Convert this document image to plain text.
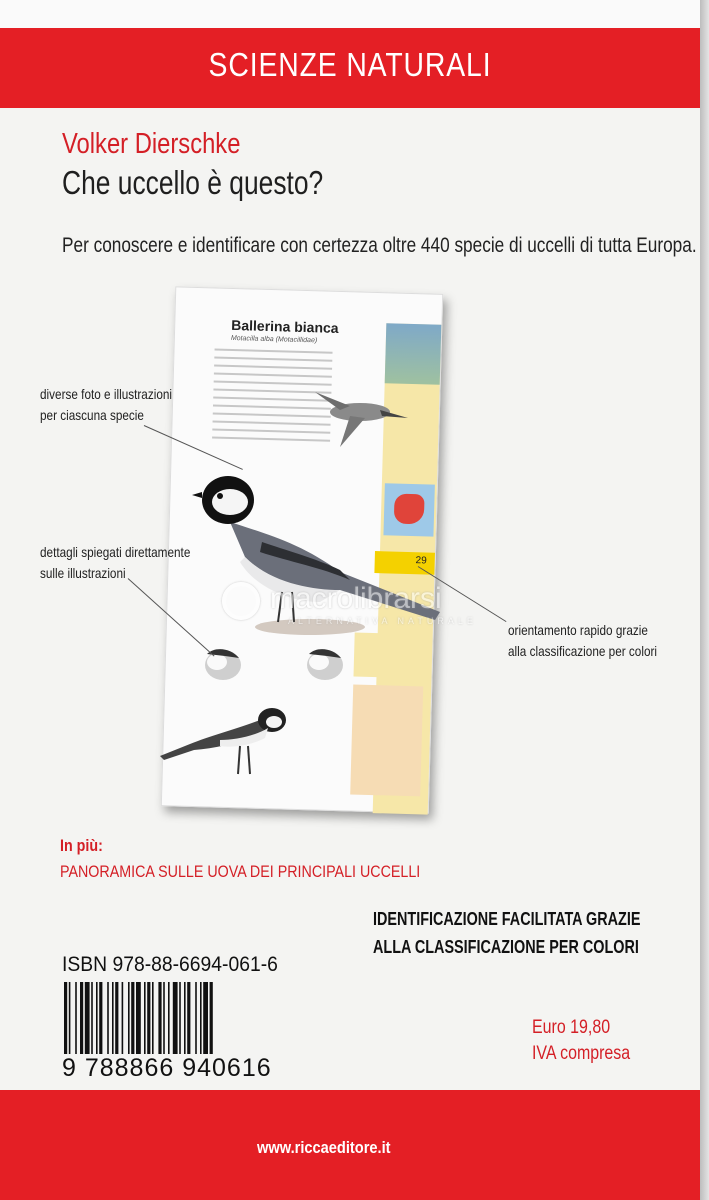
SCIENZE NATURALI
Volker Dierschke
Che uccello è questo?
Per conoscere e identificare con certezza oltre 440 specie di uccelli di tutta Europa.
Ballerina bianca
Motacilla alba (Motacillidae)
29
macrolibrarsi
ALTERNATIVA NATURALE
diverse foto e illustrazioni
per ciascuna specie
dettagli spiegati direttamente
sulle illustrazioni
orientamento rapido grazie
alla classificazione per colori
In più:
PANORAMICA SULLE UOVA DEI PRINCIPALI UCCELLI
IDENTIFICAZIONE FACILITATA GRAZIE
ALLA CLASSIFICAZIONE PER COLORI
ISBN 978-88-6694-061-6
9 788866 940616
Euro 19,80
IVA compresa
www.riccaeditore.it
